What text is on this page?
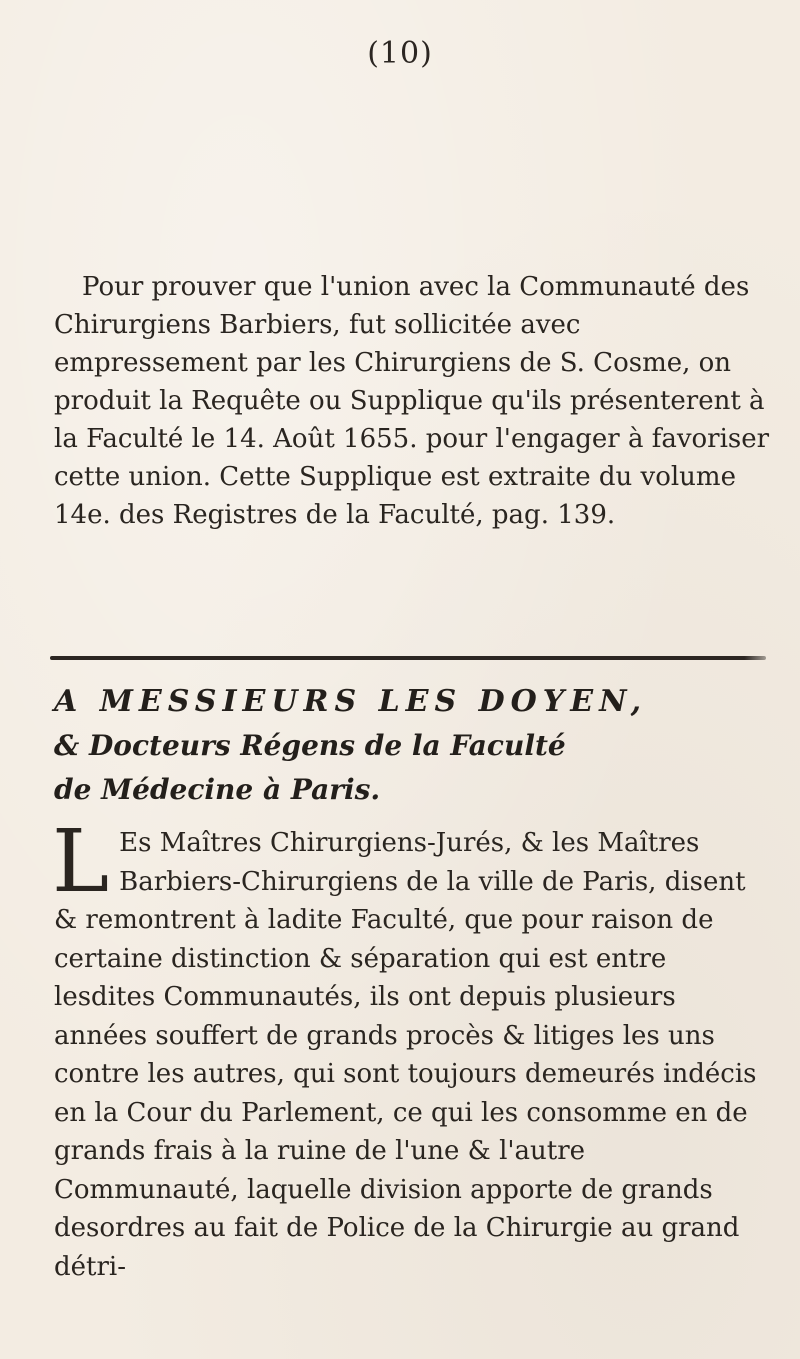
(10)

Pour prouver que l'union avec la Communauté des Chirurgiens Barbiers, fut sollicitée avec empressement par les Chirurgiens de S. Cosme, on produit la Requête ou Supplique qu'ils présenterent à la Faculté le 14. Août 1655. pour l'engager à favoriser cette union. Cette Supplique est extraite du volume 14e. des Registres de la Faculté, pag. 139.

A MESSIEURS LES DOYEN,

& Docteurs Régens de la Faculté

de Médecine à Paris.

L Es Maîtres Chirurgiens-Jurés, & les Maîtres Barbiers-Chirurgiens de la ville de Paris, disent & remontrent à ladite Faculté, que pour raison de certaine distinction & séparation qui est entre lesdites Communautés, ils ont depuis plusieurs années souffert de grands procès & litiges les uns contre les autres, qui sont toujours demeurés indécis en la Cour du Parlement, ce qui les consomme en de grands frais à la ruine de l'une & l'autre Communauté, laquelle division apporte de grands desordres au fait de Police de la Chirurgie au grand détri-
